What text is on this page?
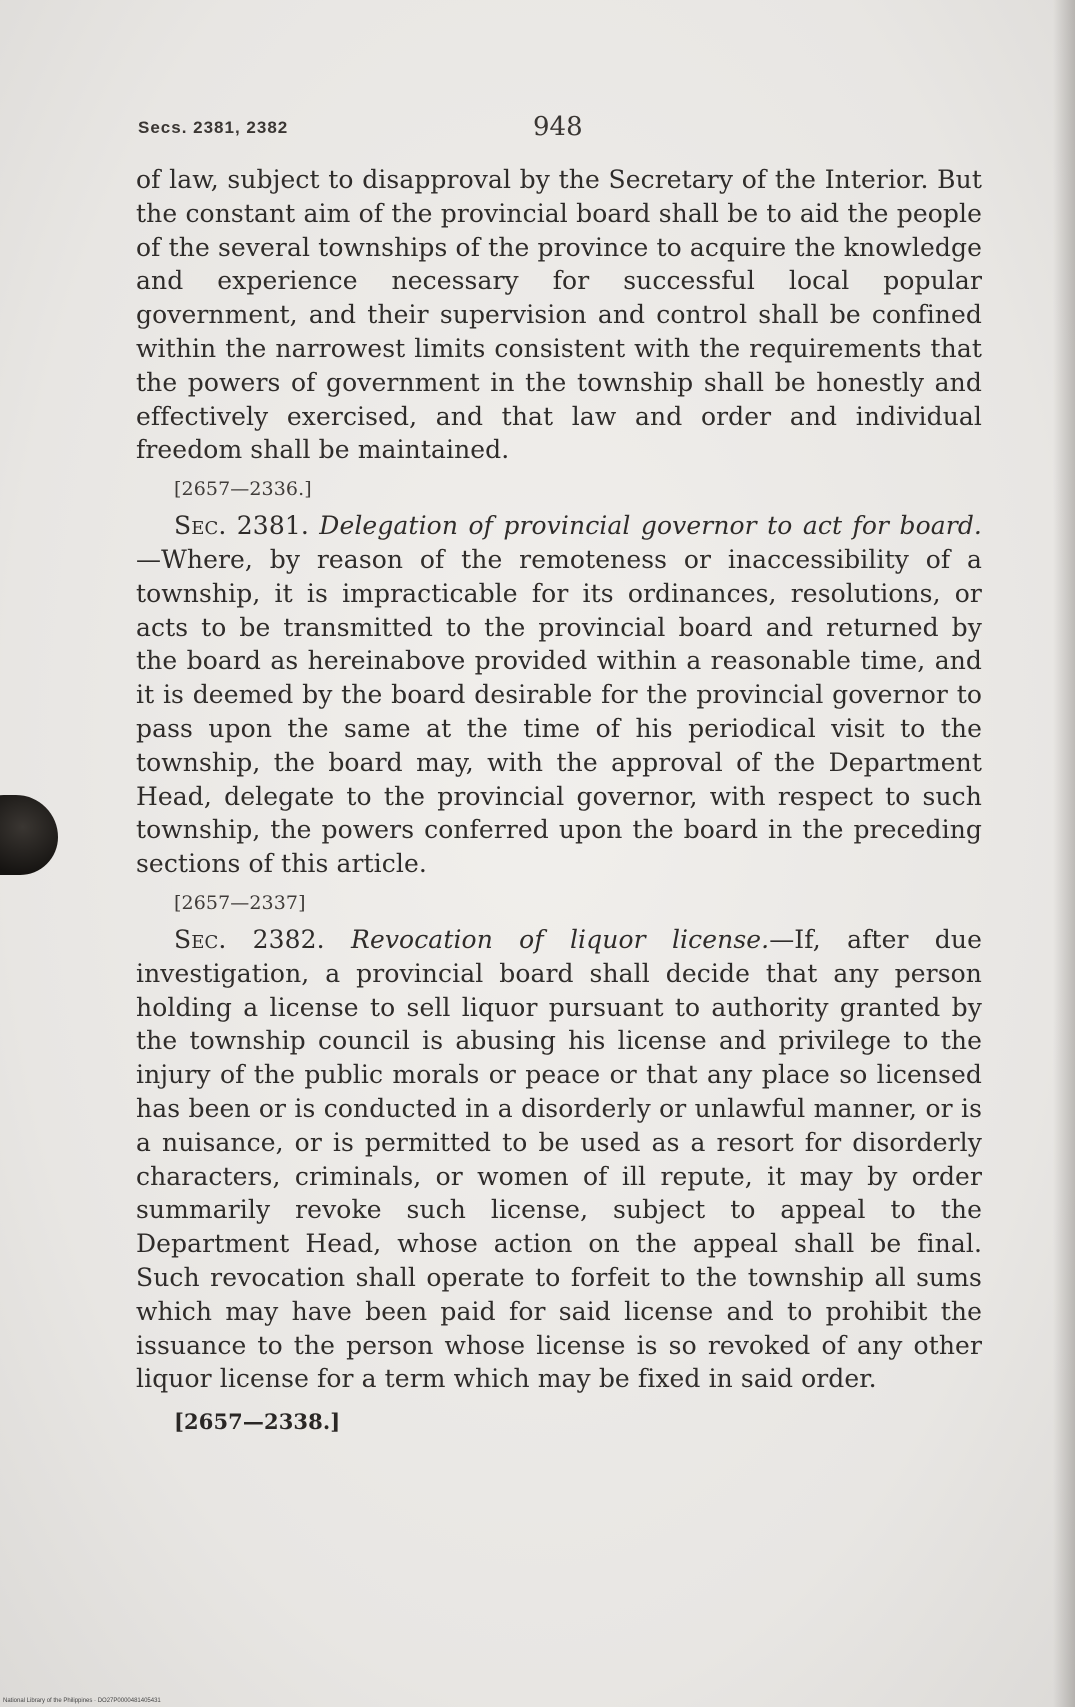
Secs. 2381, 2382	948

of law, subject to disapproval by the Secretary of the Interior. But the constant aim of the provincial board shall be to aid the people of the several townships of the province to acquire the knowledge and experience necessary for successful local popular government, and their supervision and control shall be confined within the narrowest limits consistent with the requirements that the powers of government in the township shall be honestly and effectively exercised, and that law and order and individual freedom shall be maintained.

[2657—2336.]

Sec. 2381. Delegation of provincial governor to act for board.—Where, by reason of the remoteness or inaccessibility of a township, it is impracticable for its ordinances, resolutions, or acts to be transmitted to the provincial board and returned by the board as hereinabove provided within a reasonable time, and it is deemed by the board desirable for the provincial governor to pass upon the same at the time of his periodical visit to the township, the board may, with the approval of the Department Head, delegate to the provincial governor, with respect to such township, the powers conferred upon the board in the preceding sections of this article.

[2657—2337]

Sec. 2382. Revocation of liquor license.—If, after due investigation, a provincial board shall decide that any person holding a license to sell liquor pursuant to authority granted by the township council is abusing his license and privilege to the injury of the public morals or peace or that any place so licensed has been or is conducted in a disorderly or unlawful manner, or is a nuisance, or is permitted to be used as a resort for disorderly characters, criminals, or women of ill repute, it may by order summarily revoke such license, subject to appeal to the Department Head, whose action on the appeal shall be final. Such revocation shall operate to forfeit to the township all sums which may have been paid for said license and to prohibit the issuance to the person whose license is so revoked of any other liquor license for a term which may be fixed in said order.

[2657—2338.]

National Library of the Philippines · DO27P0000481405431
